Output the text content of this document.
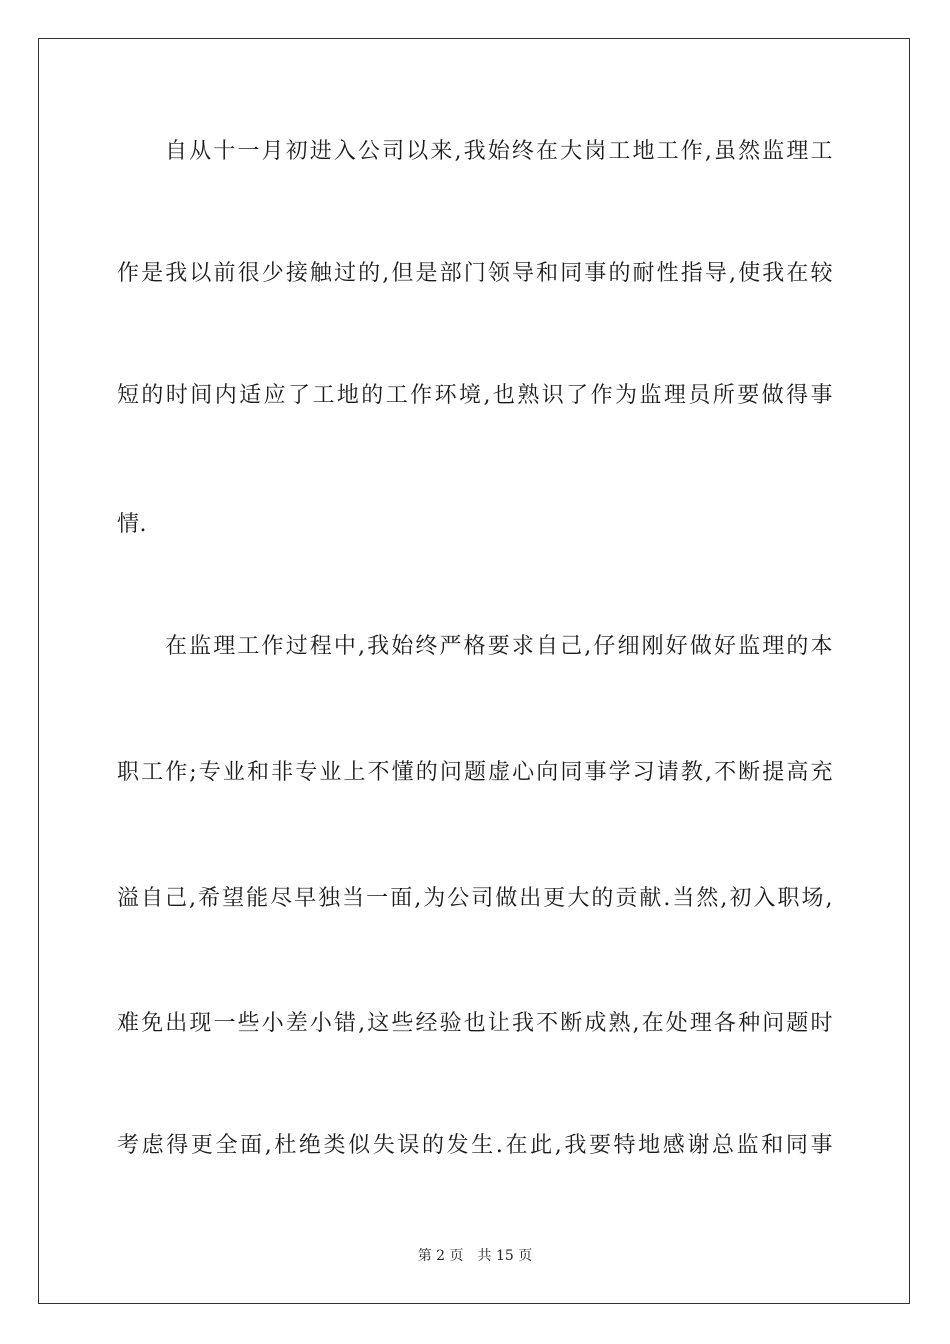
自从十一月初进入公司以来,我始终在大岗工地工作,虽然监理工
作是我以前很少接触过的,但是部门领导和同事的耐性指导,使我在较
短的时间内适应了工地的工作环境,也熟识了作为监理员所要做得事
情.
在监理工作过程中,我始终严格要求自己,仔细刚好做好监理的本
职工作;专业和非专业上不懂的问题虚心向同事学习请教,不断提高充
溢自己,希望能尽早独当一面,为公司做出更大的贡献.当然,初入职场,
难免出现一些小差小错,这些经验也让我不断成熟,在处理各种问题时
考虑得更全面,杜绝类似失误的发生.在此,我要特地感谢总监和同事
第 2 页 共 15 页
